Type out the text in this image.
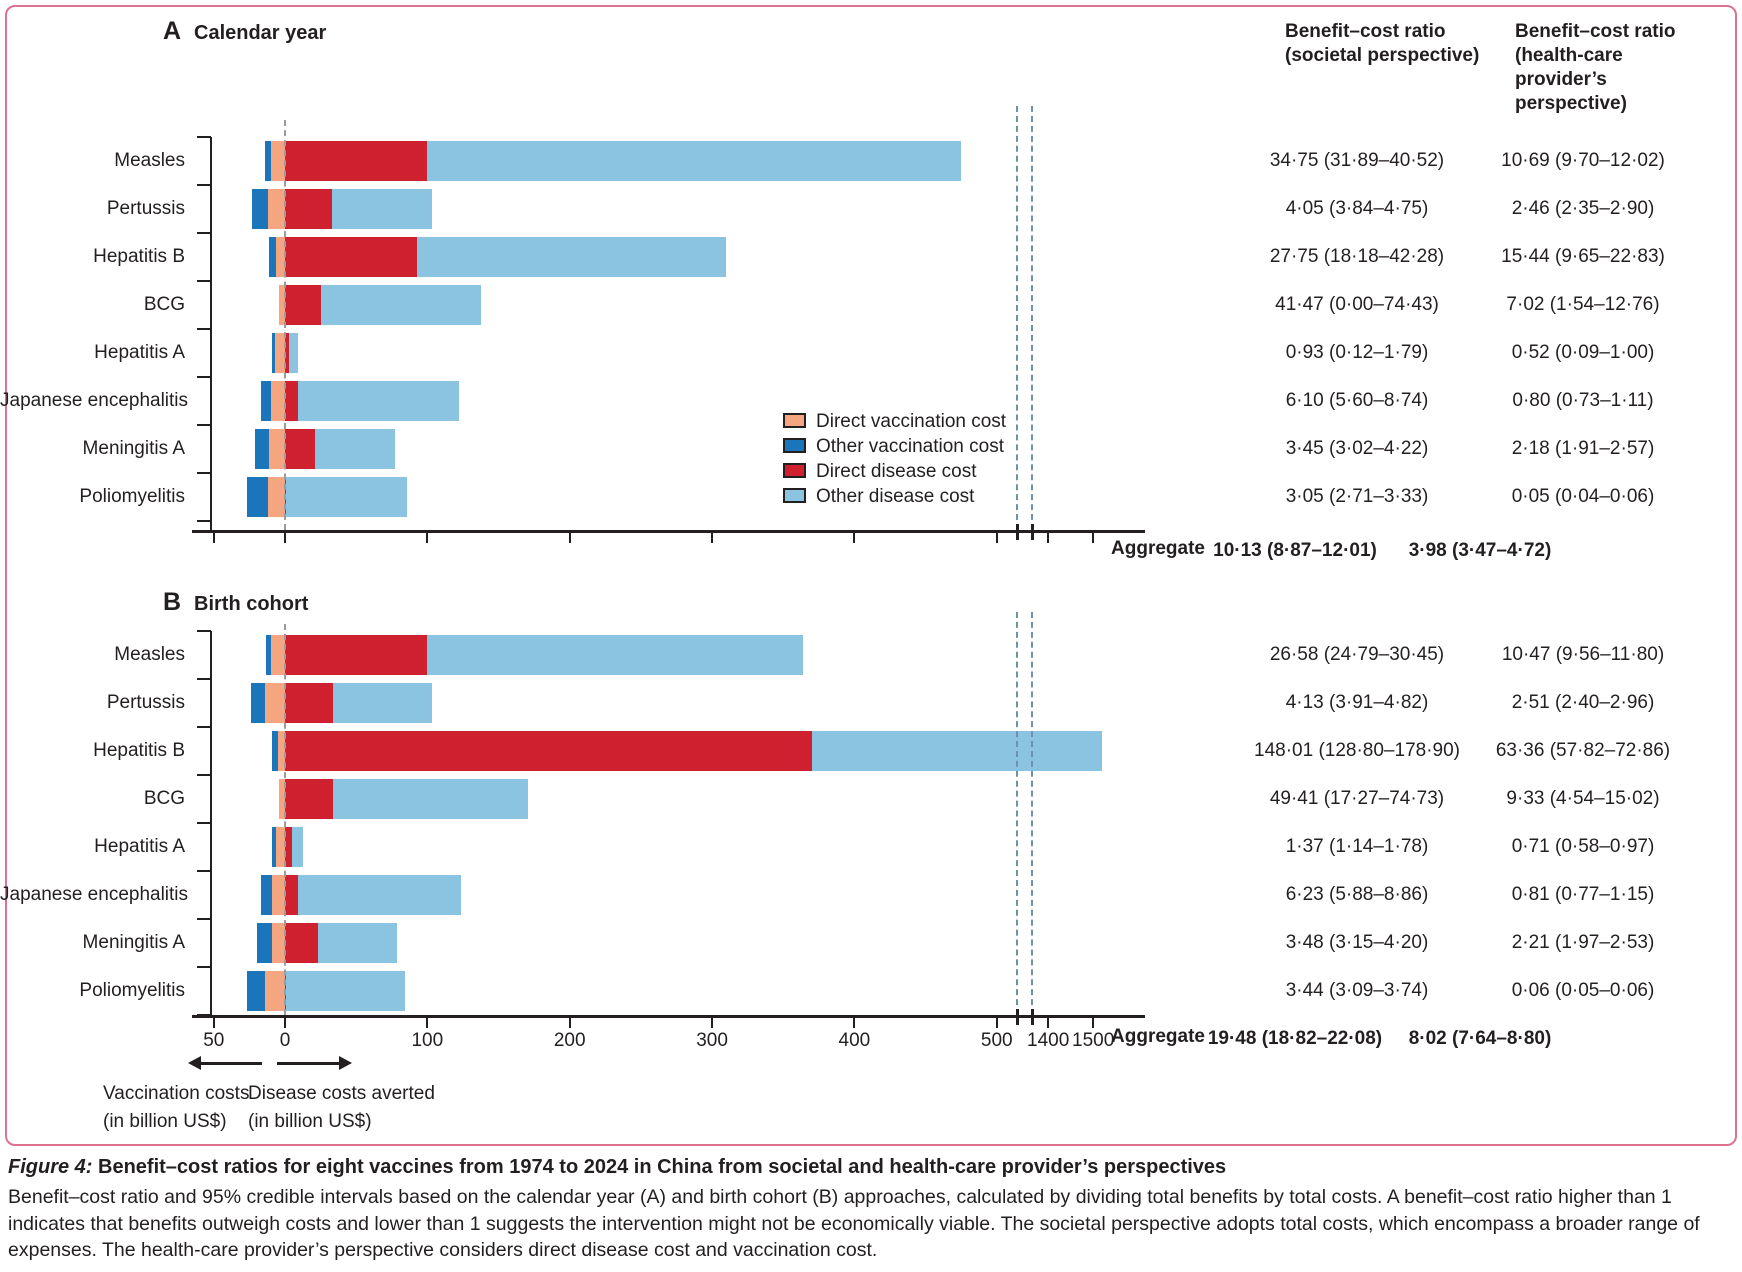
A Calendar year
B Birth cohort
Benefit–cost ratio (societal perspective)
Benefit–cost ratio (health-care provider’s perspective)
Aggregate 10·13 (8·87–12·01)	3·98 (3·47–4·72)
Aggregate 19·48 (18·82–22·08)	8·02 (7·64–8·80)
Direct vaccination cost
Other vaccination cost
Direct disease cost
Other disease cost
Vaccination costs
(in billion US$)
Disease costs averted
(in billion US$)
Figure 4: Benefit–cost ratios for eight vaccines from 1974 to 2024 in China from societal and health-care provider’s perspectives
Benefit–cost ratio and 95% credible intervals based on the calendar year (A) and birth cohort (B) approaches, calculated by dividing total benefits by total costs. A benefit–cost ratio higher than 1 indicates that benefits outweigh costs and lower than 1 suggests the intervention might not be economically viable. The societal perspective adopts total costs, which encompass a broader range of expenses. The health-care provider’s perspective considers direct disease cost and vaccination cost.
Measles	34·75 (31·89–40·52)	10·69 (9·70–12·02)
Pertussis	4·05 (3·84–4·75)	2·46 (2·35–2·90)
Hepatitis B	27·75 (18·18–42·28)	15·44 (9·65–22·83)
BCG	41·47 (0·00–74·43)	7·02 (1·54–12·76)
Hepatitis A	0·93 (0·12–1·79)	0·52 (0·09–1·00)
Japanese encephalitis	6·10 (5·60–8·74)	0·80 (0·73–1·11)
Meningitis A	3·45 (3·02–4·22)	2·18 (1·91–2·57)
Poliomyelitis	3·05 (2·71–3·33)	0·05 (0·04–0·06)
Measles	26·58 (24·79–30·45)	10·47 (9·56–11·80)
Pertussis	4·13 (3·91–4·82)	2·51 (2·40–2·96)
Hepatitis B	148·01 (128·80–178·90)	63·36 (57·82–72·86)
BCG	49·41 (17·27–74·73)	9·33 (4·54–15·02)
Hepatitis A	1·37 (1·14–1·78)	0·71 (0·58–0·97)
Japanese encephalitis	6·23 (5·88–8·86)	0·81 (0·77–1·15)
Meningitis A	3·48 (3·15–4·20)	2·21 (1·97–2·53)
Poliomyelitis	3·44 (3·09–3·74)	0·06 (0·05–0·06)
50	0	100	200	300	400	500 1400 1500
